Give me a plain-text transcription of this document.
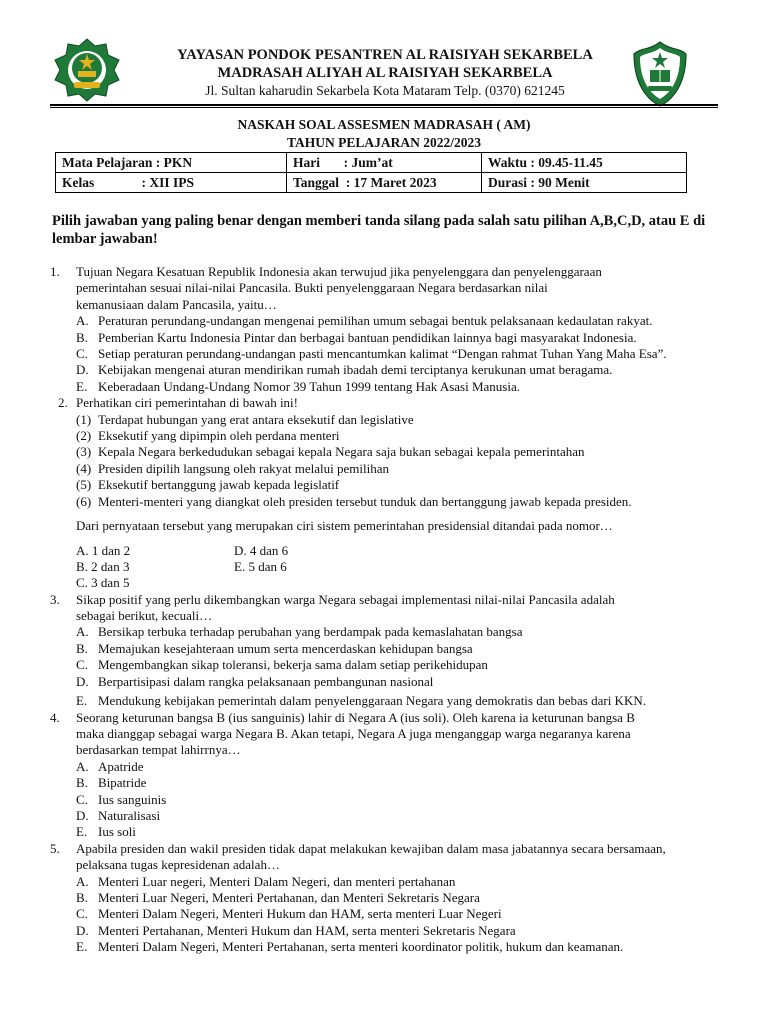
YAYASAN PONDOK PESANTREN AL RAISIYAH SEKARBELA
MADRASAH ALIYAH AL RAISIYAH SEKARBELA
Jl. Sultan kaharudin Sekarbela Kota Mataram Telp. (0370) 621245
NASKAH SOAL ASSESMEN MADRASAH ( AM)
TAHUN PELAJARAN 2022/2023
Mata Pelajaran : PKN	Hari       : Jum’at	Waktu : 09.45-11.45
Kelas              : XII IPS	Tanggal  : 17 Maret 2023	Durasi : 90 Menit
Pilih jawaban yang paling benar dengan memberi tanda silang pada salah satu pilihan A,B,C,D, atau E di lembar jawaban!
1. Tujuan Negara Kesatuan Republik Indonesia akan terwujud jika penyelenggara dan penyelenggaraan
pemerintahan sesuai nilai-nilai Pancasila. Bukti penyelenggaraan Negara berdasarkan nilai
kemanusiaan dalam Pancasila, yaitu…
A. Peraturan perundang-undangan mengenai pemilihan umum sebagai bentuk pelaksanaan kedaulatan rakyat.
B. Pemberian Kartu Indonesia Pintar dan berbagai bantuan pendidikan lainnya bagi masyarakat Indonesia.
C. Setiap peraturan perundang-undangan pasti mencantumkan kalimat “Dengan rahmat Tuhan Yang Maha Esa”.
D. Kebijakan mengenai aturan mendirikan rumah ibadah demi terciptanya kerukunan umat beragama.
E. Keberadaan Undang-Undang Nomor 39 Tahun 1999 tentang Hak Asasi Manusia.
2. Perhatikan ciri pemerintahan di bawah ini!
(1) Terdapat hubungan yang erat antara eksekutif dan legislative
(2) Eksekutif yang dipimpin oleh perdana menteri
(3) Kepala Negara berkedudukan sebagai kepala Negara saja bukan sebagai kepala pemerintahan
(4) Presiden dipilih langsung oleh rakyat melalui pemilihan
(5) Eksekutif bertanggung jawab kepada legislatif
(6) Menteri-menteri yang diangkat oleh presiden tersebut tunduk dan bertanggung jawab kepada presiden.
Dari pernyataan tersebut yang merupakan ciri sistem pemerintahan presidensial ditandai pada nomor…
A. 1 dan 2	D. 4 dan 6
B. 2 dan 3	E. 5 dan 6
C. 3 dan 5
3. Sikap positif yang perlu dikembangkan warga Negara sebagai implementasi nilai-nilai Pancasila adalah
sebagai berikut, kecuali…
A. Bersikap terbuka terhadap perubahan yang berdampak pada kemaslahatan bangsa
B. Memajukan kesejahteraan umum serta mencerdaskan kehidupan bangsa
C. Mengembangkan sikap toleransi, bekerja sama dalam setiap perikehidupan
D. Berpartisipasi dalam rangka pelaksanaan pembangunan nasional
E. Mendukung kebijakan pemerintah dalam penyelenggaraan Negara yang demokratis dan bebas dari KKN.
4. Seorang keturunan bangsa B (ius sanguinis) lahir di Negara A (ius soli). Oleh karena ia keturunan bangsa B
maka dianggap sebagai warga Negara B. Akan tetapi, Negara A juga menganggap warga negaranya karena
berdasarkan tempat lahirrnya…
A. Apatride
B. Bipatride
C. Ius sanguinis
D. Naturalisasi
E. Ius soli
5. Apabila presiden dan wakil presiden tidak dapat melakukan kewajiban dalam masa jabatannya secara bersamaan,
pelaksana tugas kepresidenan adalah…
A. Menteri Luar negeri, Menteri Dalam Negeri, dan menteri pertahanan
B. Menteri Luar Negeri, Menteri Pertahanan, dan Menteri Sekretaris Negara
C. Menteri Dalam Negeri, Menteri Hukum dan HAM, serta menteri Luar Negeri
D. Menteri Pertahanan, Menteri Hukum dan HAM, serta menteri Sekretaris Negara
E. Menteri Dalam Negeri, Menteri Pertahanan, serta menteri koordinator politik, hukum dan keamanan.
